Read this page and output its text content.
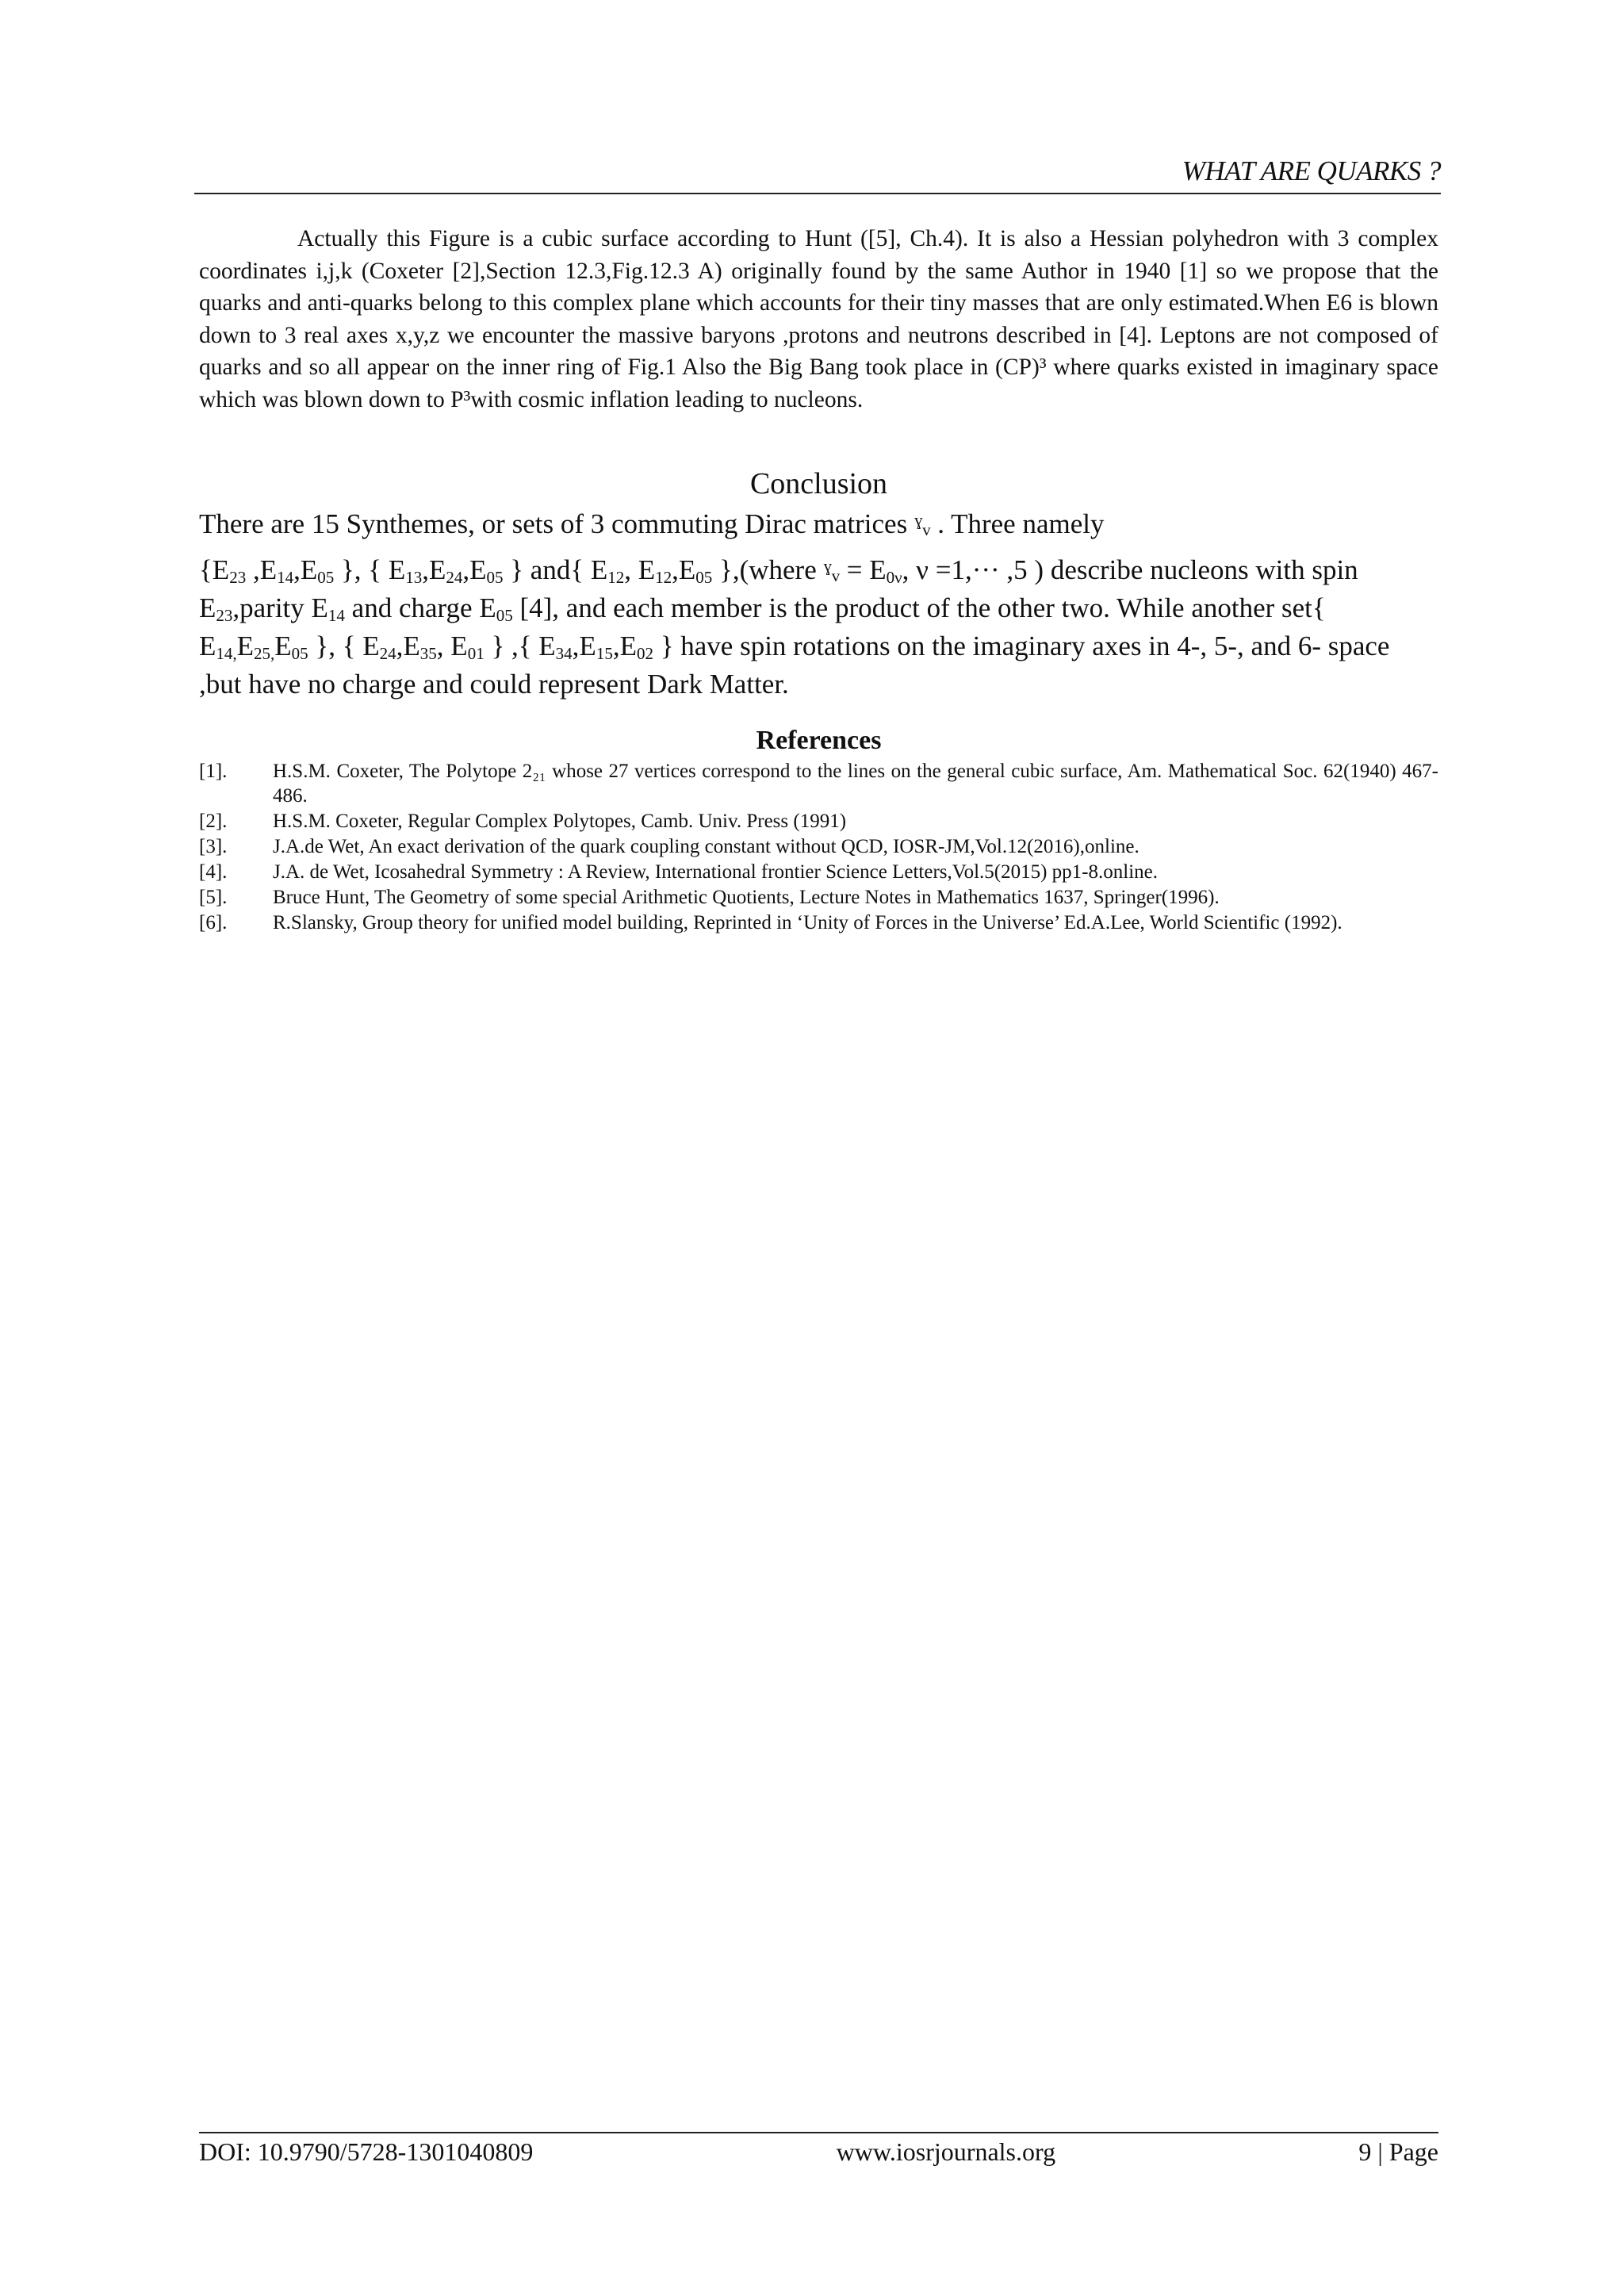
WHAT ARE QUARKS ?
Actually this Figure is a cubic surface according to Hunt ([5], Ch.4). It is also a Hessian polyhedron with 3 complex coordinates i,j,k (Coxeter [2],Section 12.3,Fig.12.3 A) originally found by the same Author in 1940 [1] so we propose that the quarks and anti-quarks belong to this complex plane which accounts for their tiny masses that are only estimated.When E6 is blown down to 3 real axes x,y,z we encounter the massive baryons ,protons and neutrons described in [4]. Leptons are not composed of quarks and so all appear on the inner ring of Fig.1 Also the Big Bang took place in (CP)³ where quarks existed in imaginary space which was blown down to P³with cosmic inflation leading to nucleons.
Conclusion

There are 15 Synthemes, or sets of 3 commuting Dirac matrices ˠᵥ . Three namely

{$E_{23}$ $,E_{14},E_{05}$ }, { $E_{13},E_{24},E_{05}$ } and{ $E_{12}$, $E_{12},E_{05}$ },(where ˠᵥ = $E_{0\nu}$, ν =1,··· ,5 ) describe nucleons with spin $E_{23},parity$ $E_{14}$ and charge $E_{05}$ [4], and each member is the product of the other two. While another set{ $E_{14,}E_{25,}E_{05}$ }, { $E_{24},E_{35}$, $E_{01}$ } ,{ $E_{34},E_{15},E_{02}$ } have spin rotations on the imaginary axes in 4-, 5-, and 6- space ,but have no charge and could represent Dark Matter.

References
[1].	H.S.M. Coxeter, The Polytope 2₂₁ whose 27 vertices correspond to the lines on the general cubic surface, Am. Mathematical Soc. 62(1940) 467-486.
[2].	H.S.M. Coxeter, Regular Complex Polytopes, Camb. Univ. Press (1991)
[3].	J.A.de Wet, An exact derivation of the quark coupling constant without QCD, IOSR-JM,Vol.12(2016),online.
[4].	J.A. de Wet, Icosahedral Symmetry : A Review, International frontier Science Letters,Vol.5(2015) pp1-8.online.
[5].	Bruce Hunt, The Geometry of some special Arithmetic Quotients, Lecture Notes in Mathematics 1637, Springer(1996).
[6].	R.Slansky, Group theory for unified model building, Reprinted in ‘Unity of Forces in the Universe’ Ed.A.Lee, World Scientific (1992).
DOI: 10.9790/5728-1301040809	www.iosrjournals.org	9 | Page
